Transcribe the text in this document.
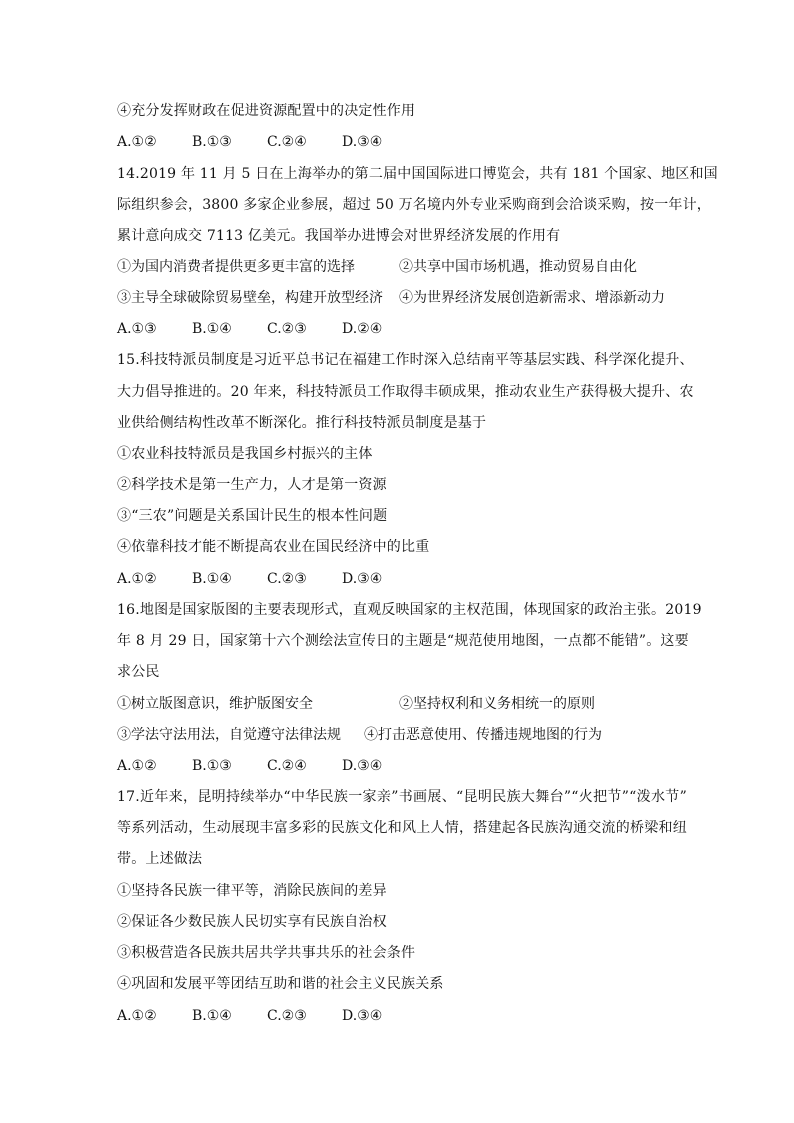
④充分发挥财政在促进资源配置中的决定性作用
A.①②	B.①③	C.②④	D.③④
14.2019 年 11 月 5 日在上海举办的第二届中国国际进口博览会，共有 181 个国家、地区和国
际组织参会，3800 多家企业参展，超过 50 万名境内外专业采购商到会洽谈采购，按一年计，
累计意向成交 7113 亿美元。我国举办进博会对世界经济发展的作用有
①为国内消费者提供更多更丰富的选择	②共享中国市场机遇，推动贸易自由化
③主导全球破除贸易壁垒，构建开放型经济 ④为世界经济发展创造新需求、增添新动力
A.①③	B.①④	C.②③	D.②④
15.科技特派员制度是习近平总书记在福建工作时深入总结南平等基层实践、科学深化提升、
大力倡导推进的。20 年来，科技特派员工作取得丰硕成果，推动农业生产获得极大提升、农
业供给侧结构性改革不断深化。推行科技特派员制度是基于
①农业科技特派员是我国乡村振兴的主体
②科学技术是第一生产力，人才是第一资源
③“三农”问题是关系国计民生的根本性问题
④依靠科技才能不断提高农业在国民经济中的比重
A.①②	B.①④	C.②③	D.③④
16.地图是国家版图的主要表现形式，直观反映国家的主权范围，体现国家的政治主张。2019
年 8 月 29 日，国家第十六个测绘法宣传日的主题是“规范使用地图，一点都不能错”。这要
求公民
①树立版图意识，维护版图安全	②坚持权利和义务相统一的原则
③学法守法用法，自觉遵守法律法规 ④打击恶意使用、传播违规地图的行为
A.①②	B.①③	C.②④	D.③④
17.近年来，昆明持续举办“中华民族一家亲”书画展、“昆明民族大舞台”“火把节”“泼水节”
等系列活动，生动展现丰富多彩的民族文化和风上人情，搭建起各民族沟通交流的桥梁和纽
带。上述做法
①坚持各民族一律平等，消除民族间的差异
②保证各少数民族人民切实享有民族自治权
③积极营造各民族共居共学共事共乐的社会条件
④巩固和发展平等团结互助和谐的社会主义民族关系
A.①②	B.①④	C.②③	D.③④
